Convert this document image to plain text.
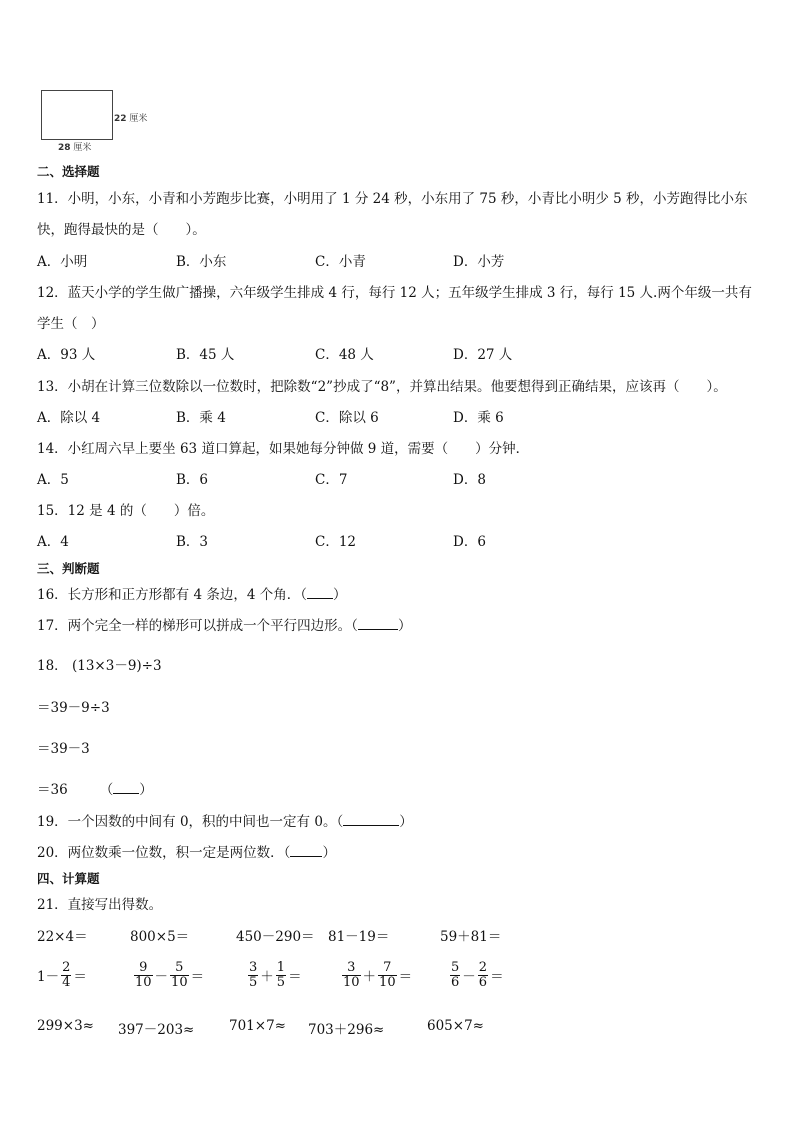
22 厘米
28 厘米
二、选择题
11．小明，小东，小青和小芳跑步比赛，小明用了 1 分 24 秒，小东用了 75 秒，小青比小明少 5 秒，小芳跑得比小东
快，跑得最快的是（　　）。
A．小明	B．小东	C．小青	D．小芳
12．蓝天小学的学生做广播操，六年级学生排成 4 行，每行 12 人；五年级学生排成 3 行，每行 15 人.两个年级一共有
学生（　）
A．93 人	B．45 人	C．48 人	D．27 人
13．小胡在计算三位数除以一位数时，把除数“2”抄成了“8”，并算出结果。他要想得到正确结果，应该再（　　）。
A．除以 4	B．乘 4	C．除以 6	D．乘 6
14．小红周六早上要坐 63 道口算起，如果她每分钟做 9 道，需要（　　）分钟．
A．5	B．6	C．7	D．8
15．12 是 4 的（　　）倍。
A．4	B．3	C．12	D．6
三、判断题
16．长方形和正方形都有 4 条边，4 个角．（ ）
17．两个完全一样的梯形可以拼成一个平行四边形。（	）
18． (13×3－9)÷3
＝39－9÷3
＝39－3
＝36 （ ）
19．一个因数的中间有 0，积的中间也一定有 0。（	）
20．两位数乘一位数，积一定是两位数．（ ）
四、计算题
21．直接写出得数。
22×4＝	800×5＝	450－290＝ 81－19＝	59＋81＝
$1- \frac{2}{4}$ ＝	$\frac{9}{10} - \frac{5}{10}$ ＝	$\frac{3}{5} + \frac{1}{5}$ ＝	$\frac{3}{10} + \frac{7}{10}$ ＝	$\frac{5}{6} - \frac{2}{6}$ ＝
299×3≈ 397－203≈	701×7≈ 703＋296≈	605×7≈
